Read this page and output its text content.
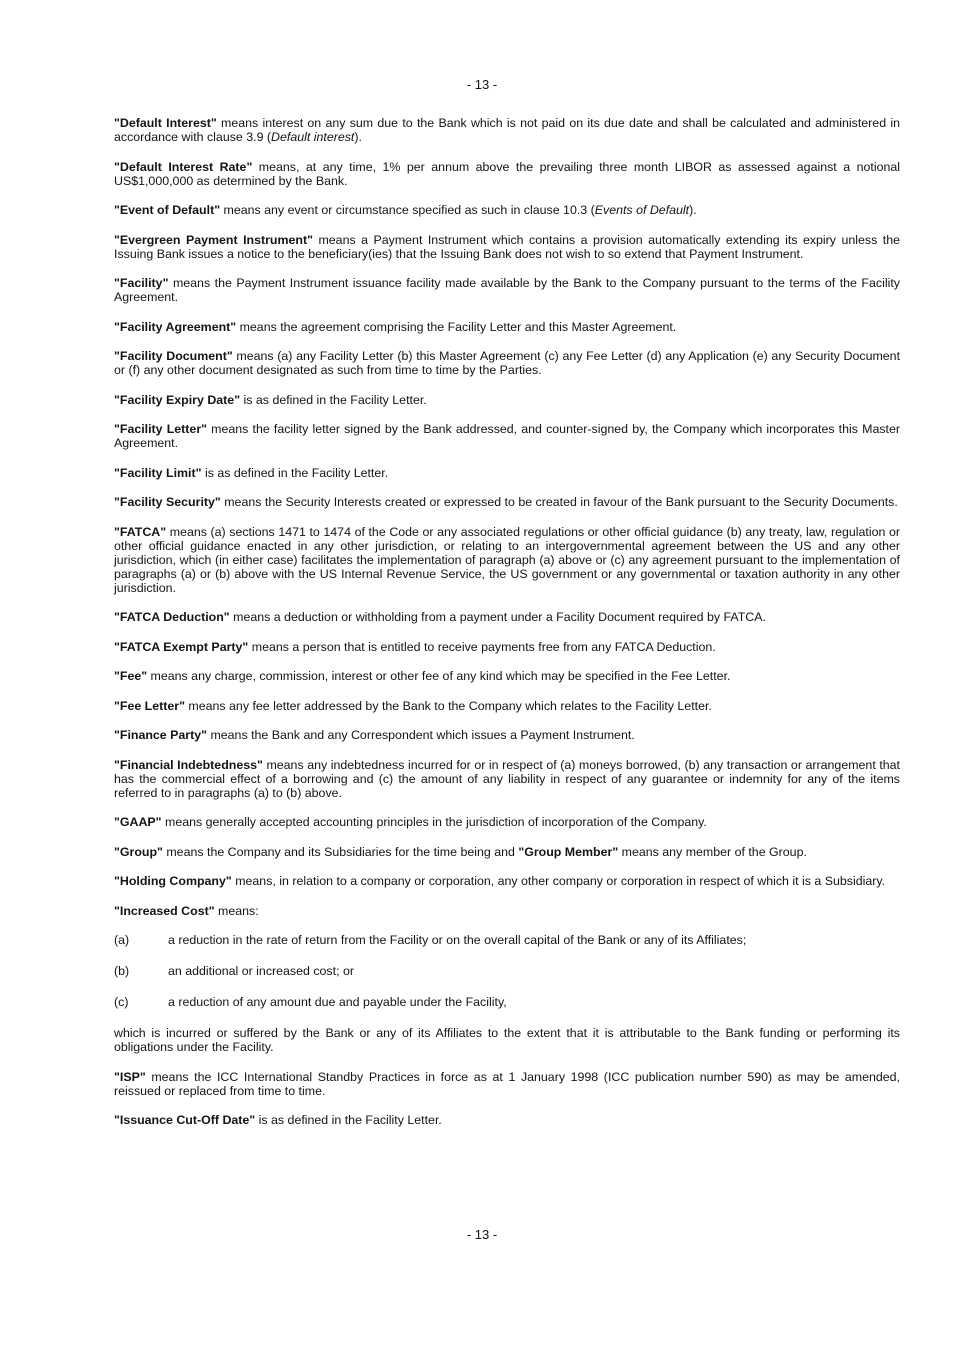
- 13 -

"Default Interest" means interest on any sum due to the Bank which is not paid on its due date and shall be calculated and administered in accordance with clause 3.9 (Default interest).

"Default Interest Rate" means, at any time, 1% per annum above the prevailing three month LIBOR as assessed against a notional US$1,000,000 as determined by the Bank.

"Event of Default" means any event or circumstance specified as such in clause 10.3 (Events of Default).

"Evergreen Payment Instrument" means a Payment Instrument which contains a provision automatically extending its expiry unless the Issuing Bank issues a notice to the beneficiary(ies) that the Issuing Bank does not wish to so extend that Payment Instrument.

"Facility" means the Payment Instrument issuance facility made available by the Bank to the Company pursuant to the terms of the Facility Agreement.

"Facility Agreement" means the agreement comprising the Facility Letter and this Master Agreement.

"Facility Document" means (a) any Facility Letter (b) this Master Agreement (c) any Fee Letter (d) any Application (e) any Security Document or (f) any other document designated as such from time to time by the Parties.

"Facility Expiry Date" is as defined in the Facility Letter.

"Facility Letter" means the facility letter signed by the Bank addressed, and counter-signed by, the Company which incorporates this Master Agreement.

"Facility Limit" is as defined in the Facility Letter.

"Facility Security" means the Security Interests created or expressed to be created in favour of the Bank pursuant to the Security Documents.

"FATCA" means (a) sections 1471 to 1474 of the Code or any associated regulations or other official guidance (b) any treaty, law, regulation or other official guidance enacted in any other jurisdiction, or relating to an intergovernmental agreement between the US and any other jurisdiction, which (in either case) facilitates the implementation of paragraph (a) above or (c) any agreement pursuant to the implementation of paragraphs (a) or (b) above with the US Internal Revenue Service, the US government or any governmental or taxation authority in any other jurisdiction.

"FATCA Deduction" means a deduction or withholding from a payment under a Facility Document required by FATCA.

"FATCA Exempt Party" means a person that is entitled to receive payments free from any FATCA Deduction.

"Fee" means any charge, commission, interest or other fee of any kind which may be specified in the Fee Letter.

"Fee Letter" means any fee letter addressed by the Bank to the Company which relates to the Facility Letter.

"Finance Party" means the Bank and any Correspondent which issues a Payment Instrument.

"Financial Indebtedness" means any indebtedness incurred for or in respect of (a) moneys borrowed, (b) any transaction or arrangement that has the commercial effect of a borrowing and (c) the amount of any liability in respect of any guarantee or indemnity for any of the items referred to in paragraphs (a) to (b) above.

"GAAP" means generally accepted accounting principles in the jurisdiction of incorporation of the Company.

"Group" means the Company and its Subsidiaries for the time being and "Group Member" means any member of the Group.

"Holding Company" means, in relation to a company or corporation, any other company or corporation in respect of which it is a Subsidiary.

"Increased Cost" means:

(a)	a reduction in the rate of return from the Facility or on the overall capital of the Bank or any of its Affiliates;
(b)	an additional or increased cost; or
(c)	a reduction of any amount due and payable under the Facility,

which is incurred or suffered by the Bank or any of its Affiliates to the extent that it is attributable to the Bank funding or performing its obligations under the Facility.

"ISP" means the ICC International Standby Practices in force as at 1 January 1998 (ICC publication number 590) as may be amended, reissued or replaced from time to time.

"Issuance Cut-Off Date" is as defined in the Facility Letter.

- 13 -
